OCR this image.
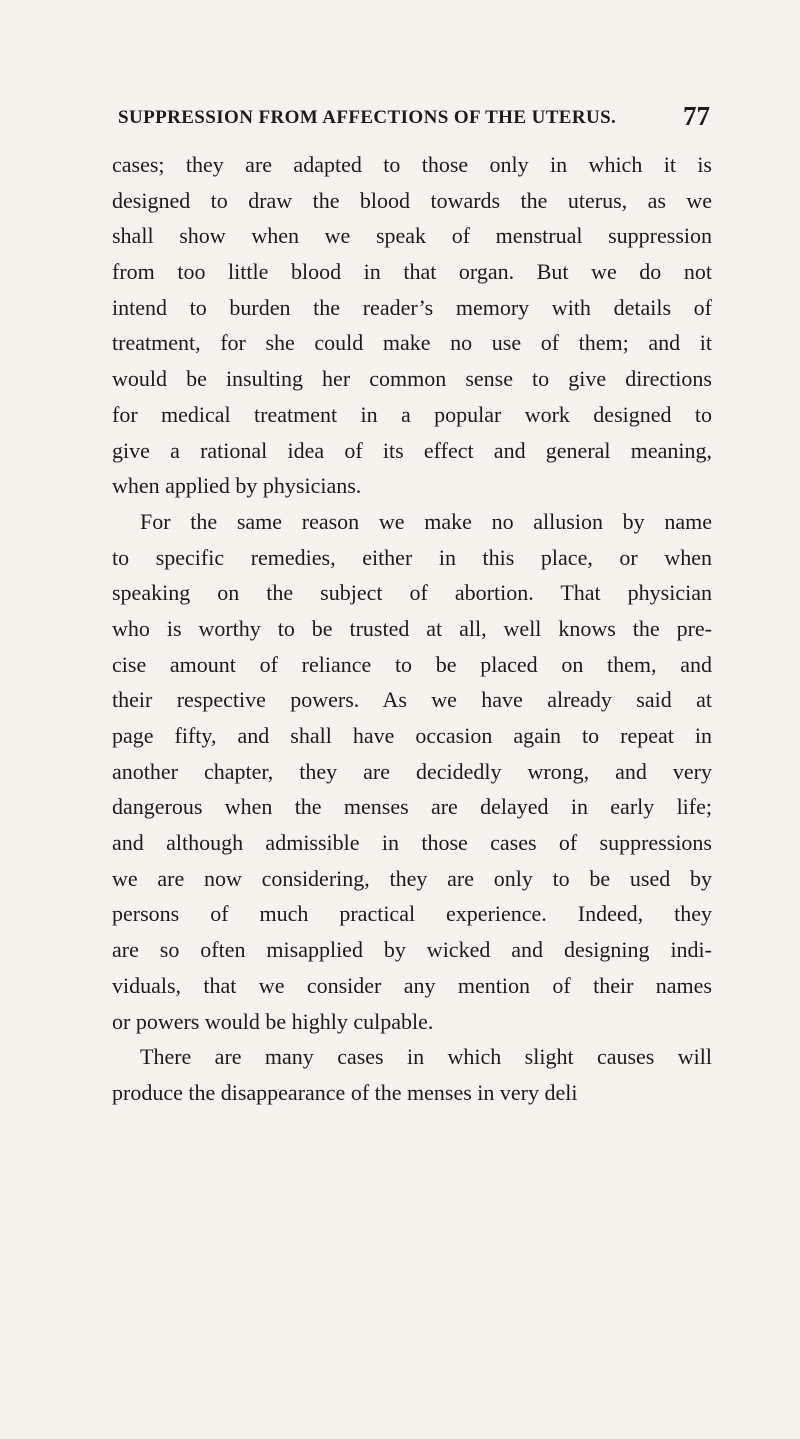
SUPPRESSION FROM AFFECTIONS OF THE UTERUS. 77
cases; they are adapted to those only in which it is
designed to draw the blood towards the uterus, as we
shall show when we speak of menstrual suppression
from too little blood in that organ. But we do not
intend to burden the reader’s memory with details of
treatment, for she could make no use of them; and it
would be insulting her common sense to give directions
for medical treatment in a popular work designed to
give a rational idea of its effect and general meaning,
when applied by physicians.
For the same reason we make no allusion by name
to specific remedies, either in this place, or when
speaking on the subject of abortion. That physician
who is worthy to be trusted at all, well knows the pre-
cise amount of reliance to be placed on them, and
their respective powers. As we have already said at
page fifty, and shall have occasion again to repeat in
another chapter, they are decidedly wrong, and very
dangerous when the menses are delayed in early life;
and although admissible in those cases of suppressions
we are now considering, they are only to be used by
persons of much practical experience. Indeed, they
are so often misapplied by wicked and designing indi-
viduals, that we consider any mention of their names
or powers would be highly culpable.
There are many cases in which slight causes will
produce the disappearance of the menses in very deli
